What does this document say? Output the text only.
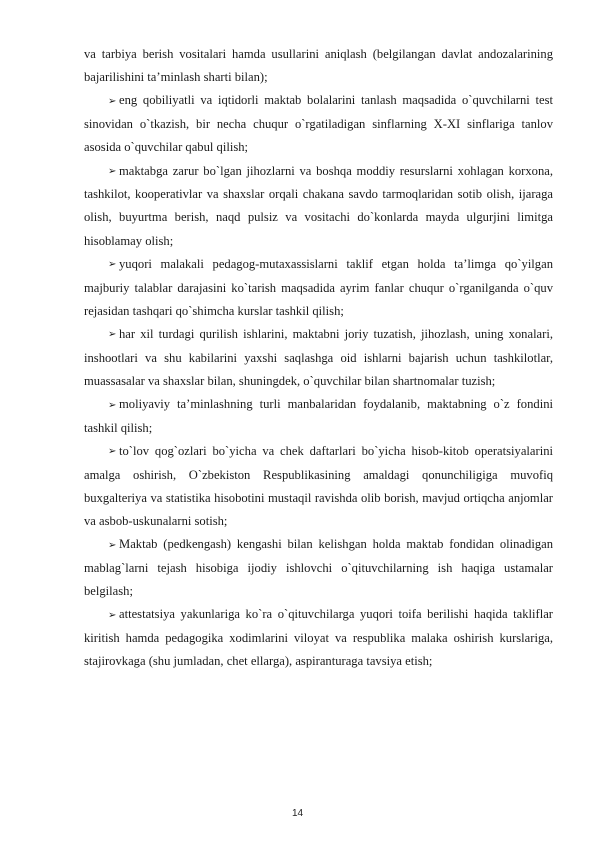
va tarbiya berish vositalari hamda usullarini aniqlash (belgilangan davlat andozalarining bajarilishini ta’minlash sharti bilan);

➢ eng qobiliyatli va iqtidorli maktab bolalarini tanlash maqsadida o`quvchilarni test sinovidan o`tkazish, bir necha chuqur o`rgatiladigan sinflarning X-XI sinflariga tanlov asosida o`quvchilar qabul qilish;

➢ maktabga zarur bo`lgan jihozlarni va boshqa moddiy resurslarni xohlagan korxona, tashkilot, kooperativlar va shaxslar orqali chakana savdo tarmoqlaridan sotib olish, ijaraga olish, buyurtma berish, naqd pulsiz va vositachi do`konlarda mayda ulgurjini limitga hisoblamay olish;

➢ yuqori malakali pedagog-mutaxassislarni taklif etgan holda ta’limga qo`yilgan majburiy talablar darajasini ko`tarish maqsadida ayrim fanlar chuqur o`rganilganda o`quv rejasidan tashqari qo`shimcha kurslar tashkil qilish;

➢ har xil turdagi qurilish ishlarini, maktabni joriy tuzatish, jihozlash, uning xonalari, inshootlari va shu kabilarini yaxshi saqlashga oid ishlarni bajarish uchun tashkilotlar, muassasalar va shaxslar bilan, shuningdek, o`quvchilar bilan shartnomalar tuzish;

➢ moliyaviy ta’minlashning turli manbalaridan foydalanib, maktabning o`z fondini tashkil qilish;

➢ to`lov qog`ozlari bo`yicha va chek daftarlari bo`yicha hisob-kitob operatsiyalarini amalga oshirish, O`zbekiston Respublikasining amaldagi qonunchiligiga muvofiq buxgalteriya va statistika hisobotini mustaqil ravishda olib borish, mavjud ortiqcha anjomlar va asbob-uskunalarni sotish;

➢ Maktab (pedkengash) kengashi bilan kelishgan holda maktab fondidan olinadigan mablag`larni tejash hisobiga ijodiy ishlovchi o`qituvchilarning ish haqiga ustamalar belgilash;

➢ attestatsiya yakunlariga ko`ra o`qituvchilarga yuqori toifa berilishi haqida takliflar kiritish hamda pedagogika xodimlarini viloyat va respublika malaka oshirish kurslariga, stajirovkaga (shu jumladan, chet ellarga), aspiranturaga tavsiya etish;

14
